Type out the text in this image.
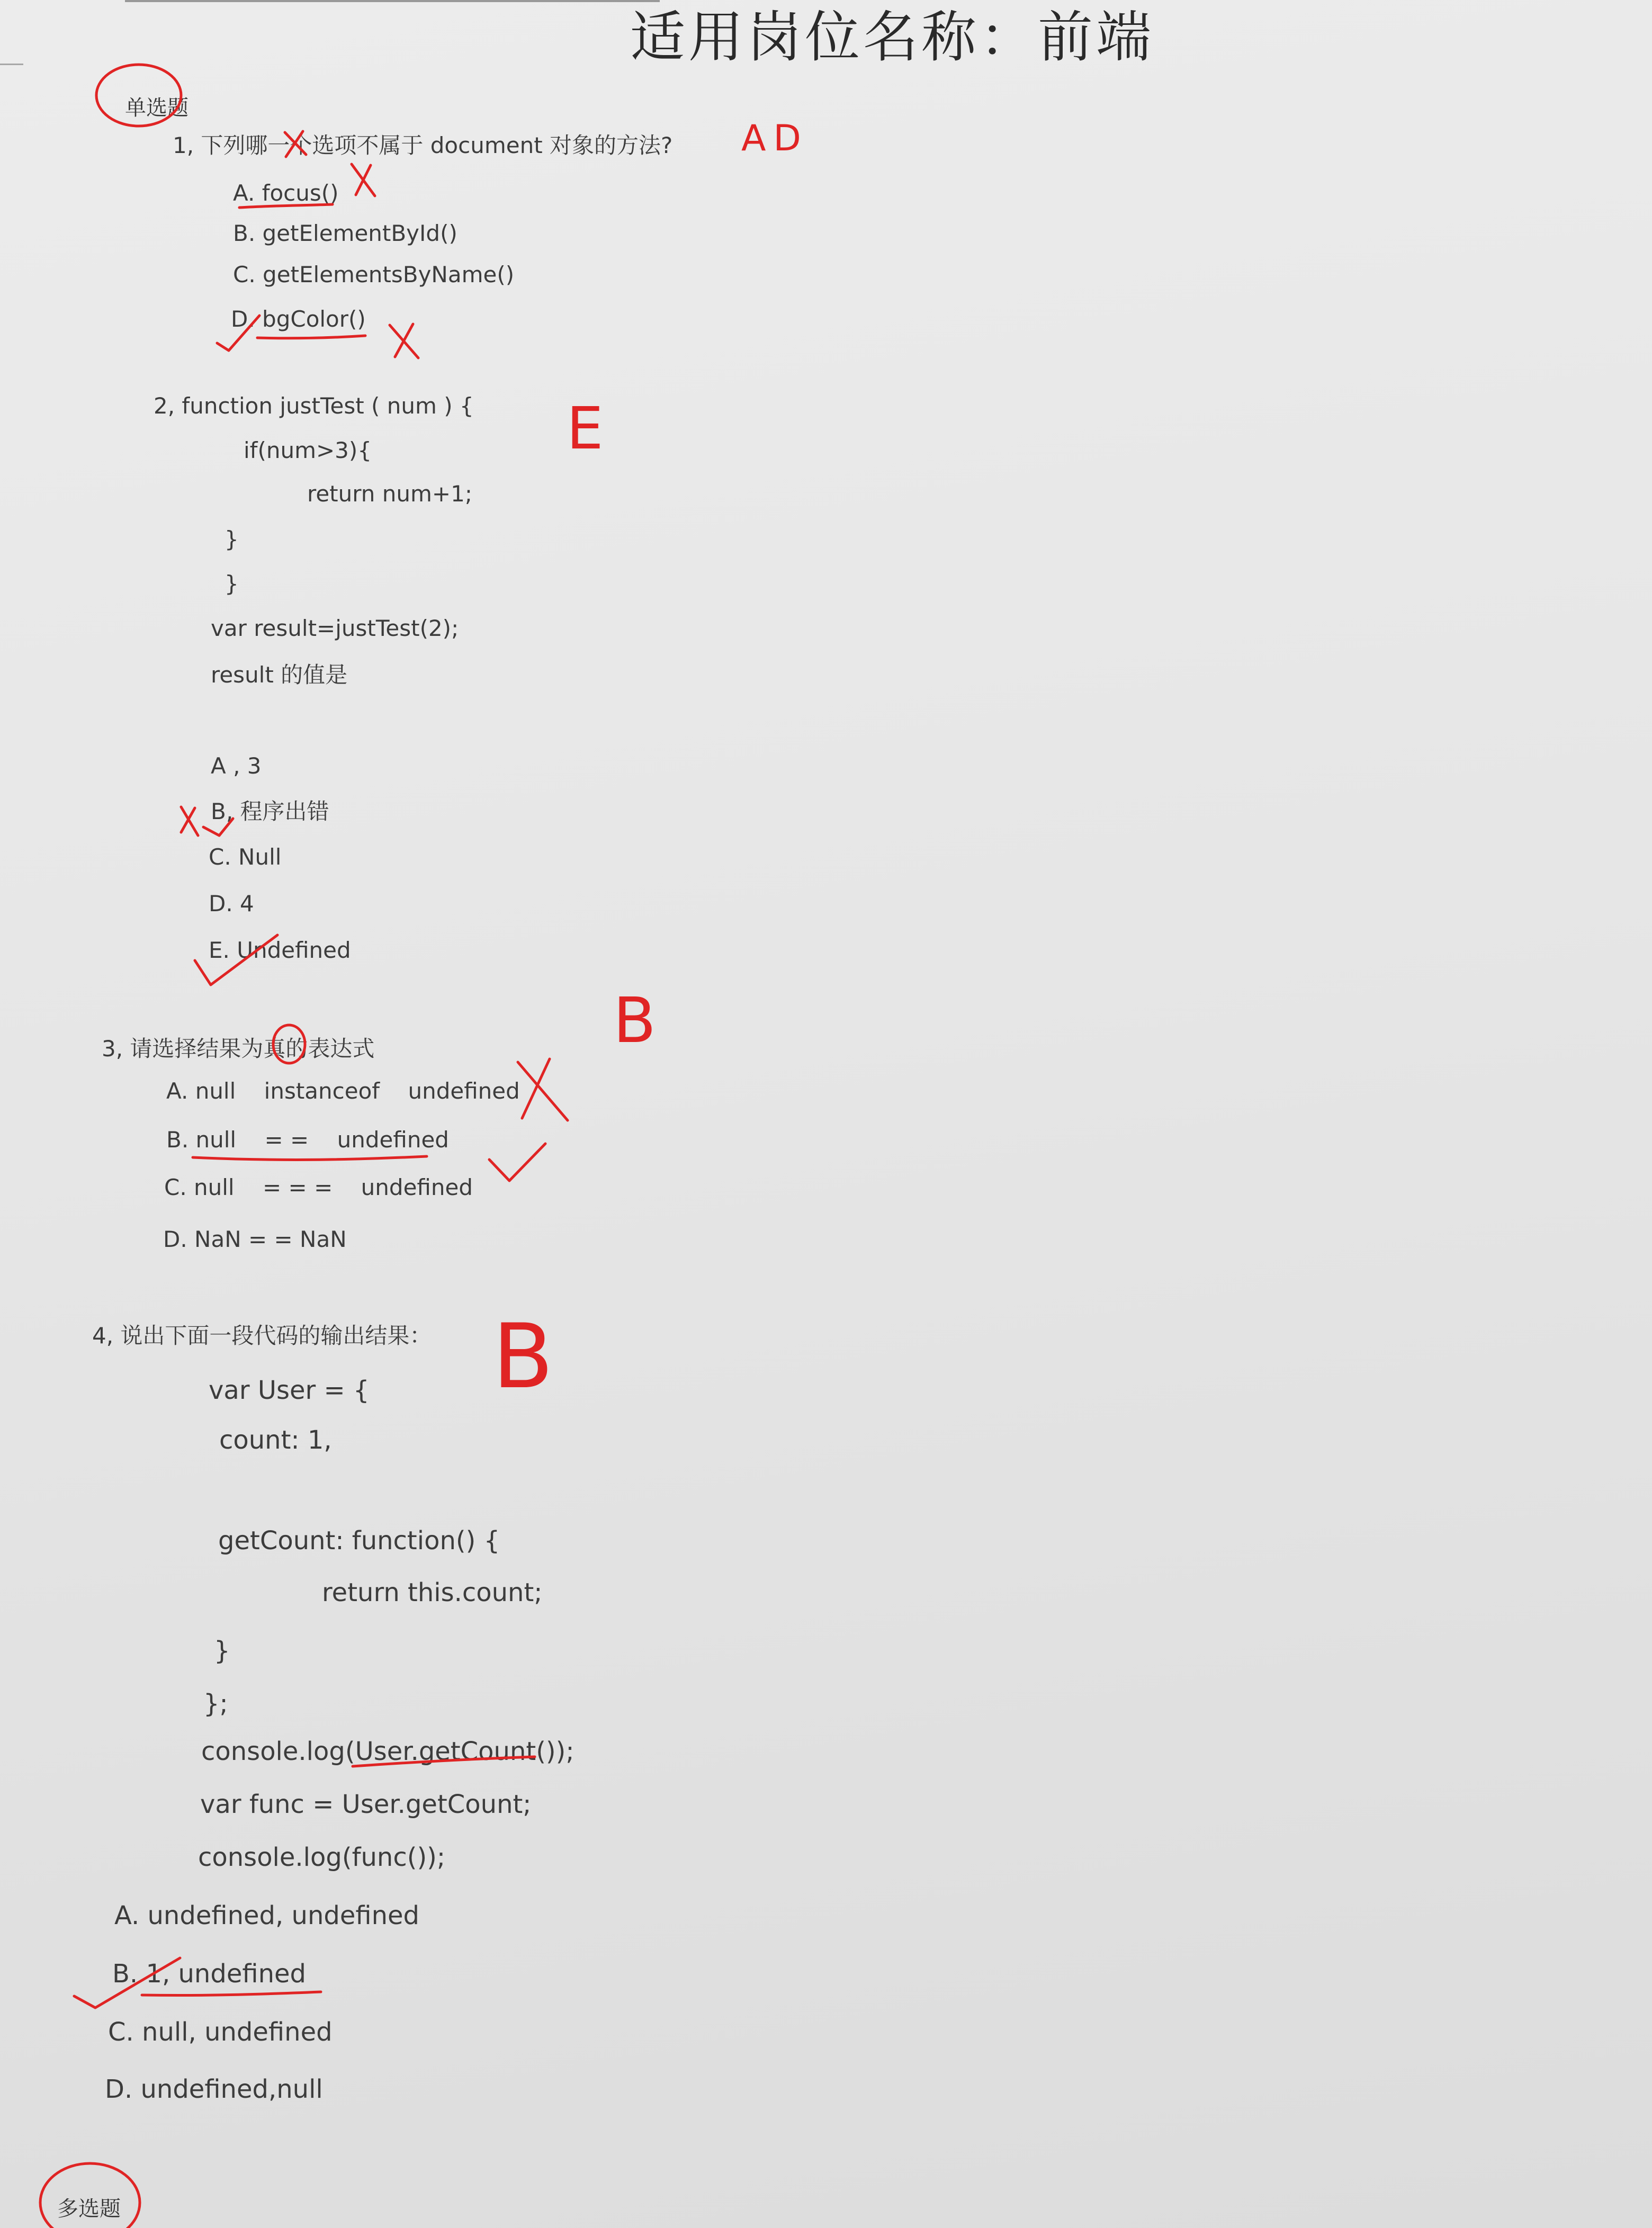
适用岗位名称：前端
单选题
1, 下列哪一个选项不属于 document 对象的方法?
A. focus()
B. getElementById()
C. getElementsByName()
D. bgColor()
2, function justTest ( num ) {
if(num>3){
return num+1;
}
}
var result=justTest(2);
result 的值是
A , 3
B, 程序出错
C. Null
D. 4
E. Undefined
3, 请选择结果为真的表达式
A. null    instanceof    undefined
B. null    = =    undefined
C. null    = = =    undefined
D. NaN = = NaN
4, 说出下面一段代码的输出结果：
var User = {
count: 1,
getCount: function() {
return this.count;
}
};
console.log(User.getCount());
var func = User.getCount;
console.log(func());
A. undefined, undefined
B. 1, undefined
C. null, undefined
D. undefined,null
多选题
AD
E
B
B
